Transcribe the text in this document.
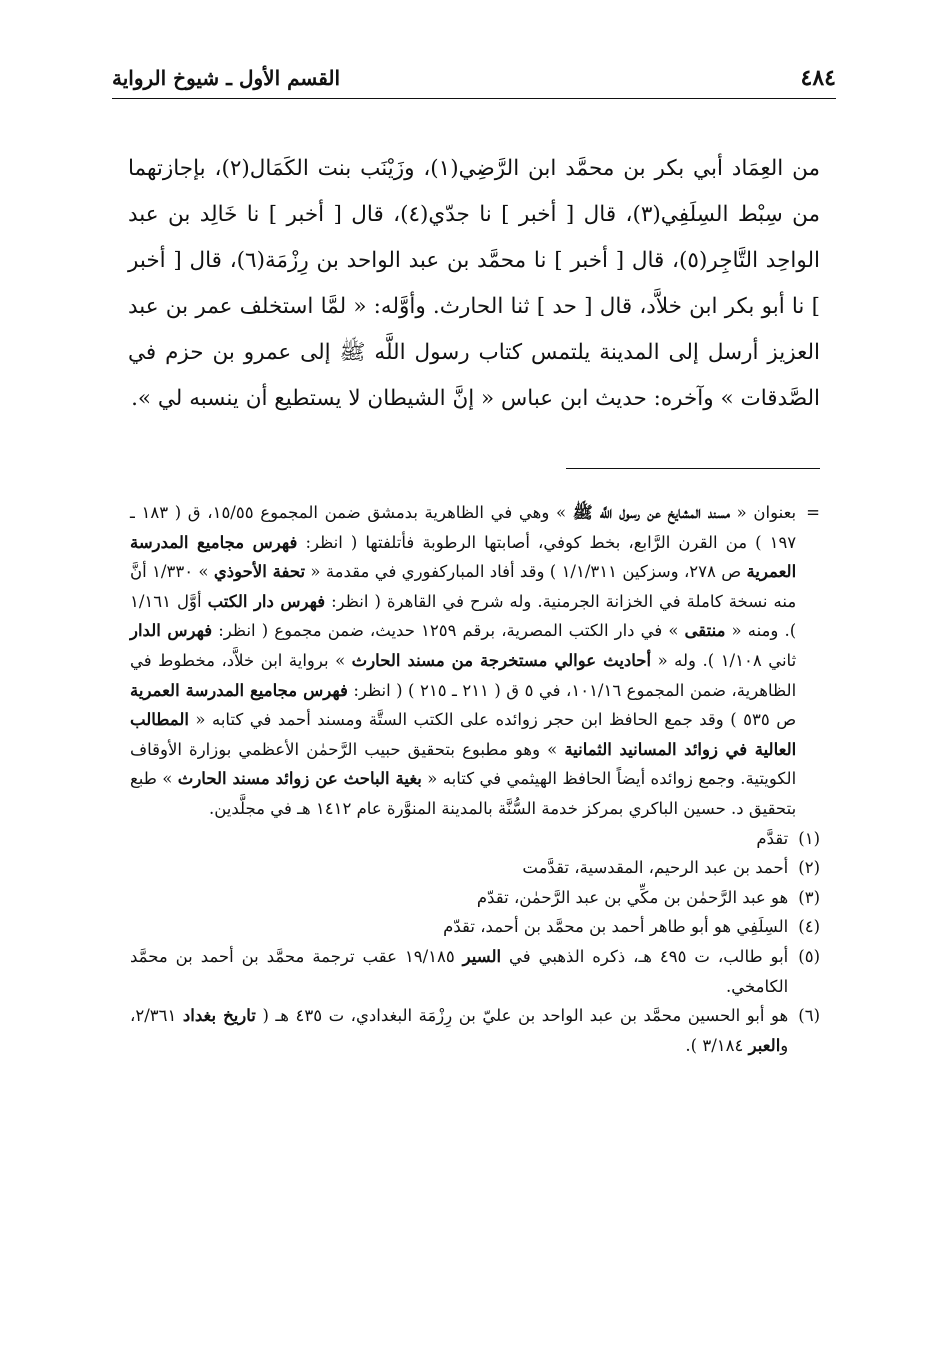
٤٨٤
القسم الأول ـ شيوخ الرواية

من العِمَاد أبي بكر بن محمَّد ابن الرَّضِي(١)، وزَيْنَب بنت الكَمَال(٢)، بإجازتهما من سِبْط السِلَفِي(٣)، قال [ أخبر ] نا جدّي(٤)، قال [ أخبر ] نا خَالِد بن عبد الواحِد التَّاجِر(٥)، قال [ أخبر ] نا محمَّد بن عبد الواحد بن رِزْمَة(٦)، قال [ أخبر ] نا أبو بكر ابن خلاَّد، قال [ حد ] ثنا الحارث. وأوَّله: « لمَّا استخلف عمر بن عبد العزيز أرسل إلى المدينة يلتمس كتاب رسول اللَّه ﷺ إلى عمرو بن حزم في الصَّدقات » وآخره: حديث ابن عباس « إنَّ الشيطان لا يستطيع أن ينسبه لي ».

=
بعنوان « مسند المشايخ عن رسول اللَّه ﷺ » وهي في الظاهرية بدمشق ضمن المجموع ١٥/٥٥، ق ( ١٨٣ ـ ١٩٧ ) من القرن الرَّابع، بخط كوفي، أصابتها الرطوبة فأتلفتها ( انظر: فهرس مجاميع المدرسة العمرية ص ٢٧٨، وسزكين ١/١/٣١١ ) وقد أفاد المباركفوري في مقدمة « تحفة الأحوذي » ١/٣٣٠ أنَّ منه نسخة كاملة في الخزانة الجرمنية. وله شرح في القاهرة ( انظر: فهرس دار الكتب أوَّل ١/١٦١ ). ومنه « منتقى » في دار الكتب المصرية، برقم ١٢٥٩ حديث، ضمن مجموع ( انظر: فهرس الدار ثاني ١/١٠٨ ). وله « أحاديث عوالي مستخرجة من مسند الحارث » برواية ابن خلاَّد، مخطوط في الظاهرية، ضمن المجموع ١٠١/١٦، في ٥ ق ( ٢١١ ـ ٢١٥ ) ( انظر: فهرس مجاميع المدرسة العمرية ص ٥٣٥ ) وقد جمع الحافظ ابن حجر زوائده على الكتب الستَّة ومسند أحمد في كتابه « المطالب العالية في زوائد المسانيد الثمانية » وهو مطبوع بتحقيق حبيب الرَّحمٰن الأعظمي بوزارة الأوقاف الكويتية. وجمع زوائده أيضاً الحافظ الهيثمي في كتابه « بغية الباحث عن زوائد مسند الحارث » طبع بتحقيق د. حسين الباكري بمركز خدمة السُّنَّة بالمدينة المنوَّرة عام ١٤١٢ هـ في مجلَّدين.
(١)
تقدَّم
(٢)
أحمد بن عبد الرحيم، المقدسية، تقدَّمت
(٣)
هو عبد الرَّحمٰن بن مكِّي بن عبد الرَّحمٰن، تقدّم
(٤)
السِلَفِي هو أبو طاهر أحمد بن محمَّد بن أحمد، تقدّم
(٥)
أبو طالب، ت ٤٩٥ هـ، ذكره الذهبي في السير ١٩/١٨٥ عقب ترجمة محمَّد بن أحمد بن محمَّد الكامخي.
(٦)
هو أبو الحسين محمَّد بن عبد الواحد بن عليّ بن رِزْمَة البغدادي، ت ٤٣٥ هـ ( تاريخ بغداد ٢/٣٦١، والعبر ٣/١٨٤ ).
